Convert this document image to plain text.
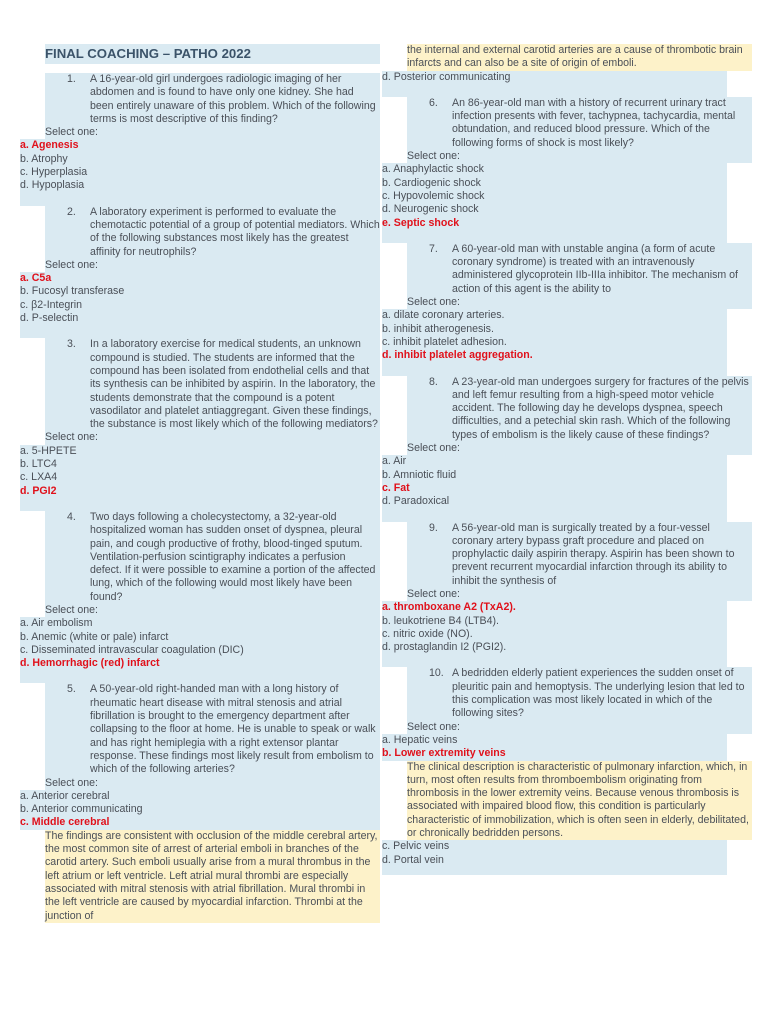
FINAL COACHING – PATHO 2022
1. A 16-year-old girl undergoes radiologic imaging of her abdomen and is found to have only one kidney. She had been entirely unaware of this problem. Which of the following terms is most descriptive of this finding?
Select one:
a. Agenesis
b. Atrophy
c. Hyperplasia
d. Hypoplasia
2. A laboratory experiment is performed to evaluate the chemotactic potential of a group of potential mediators. Which of the following substances most likely has the greatest affinity for neutrophils?
Select one:
a. C5a
b. Fucosyl transferase
c. β2-Integrin
d. P-selectin
3. In a laboratory exercise for medical students, an unknown compound is studied. The students are informed that the compound has been isolated from endothelial cells and that its synthesis can be inhibited by aspirin. In the laboratory, the students demonstrate that the compound is a potent vasodilator and platelet antiaggregant. Given these findings, the substance is most likely which of the following mediators?
Select one:
a. 5-HPETE
b. LTC4
c. LXA4
d. PGI2
4. Two days following a cholecystectomy, a 32-year-old hospitalized woman has sudden onset of dyspnea, pleural pain, and cough productive of frothy, blood-tinged sputum. Ventilation-perfusion scintigraphy indicates a perfusion defect. If it were possible to examine a portion of the affected lung, which of the following would most likely have been found?
Select one:
a. Air embolism
b. Anemic (white or pale) infarct
c. Disseminated intravascular coagulation (DIC)
d. Hemorrhagic (red) infarct
5. A 50-year-old right-handed man with a long history of rheumatic heart disease with mitral stenosis and atrial fibrillation is brought to the emergency department after collapsing to the floor at home. He is unable to speak or walk and has right hemiplegia with a right extensor plantar response. These findings most likely result from embolism to which of the following arteries?
Select one:
a. Anterior cerebral
b. Anterior communicating
c. Middle cerebral
The findings are consistent with occlusion of the middle cerebral artery, the most common site of arrest of arterial emboli in branches of the carotid artery. Such emboli usually arise from a mural thrombus in the left atrium or left ventricle. Left atrial mural thrombi are especially associated with mitral stenosis with atrial fibrillation. Mural thrombi in the left ventricle are caused by myocardial infarction. Thrombi at the junction of
the internal and external carotid arteries are a cause of thrombotic brain infarcts and can also be a site of origin of emboli.
d. Posterior communicating
6. An 86-year-old man with a history of recurrent urinary tract infection presents with fever, tachypnea, tachycardia, mental obtundation, and reduced blood pressure. Which of the following forms of shock is most likely?
Select one:
a. Anaphylactic shock
b. Cardiogenic shock
c. Hypovolemic shock
d. Neurogenic shock
e. Septic shock
7. A 60-year-old man with unstable angina (a form of acute coronary syndrome) is treated with an intravenously administered glycoprotein IIb-IIIa inhibitor. The mechanism of action of this agent is the ability to
Select one:
a. dilate coronary arteries.
b. inhibit atherogenesis.
c. inhibit platelet adhesion.
d. inhibit platelet aggregation.
8. A 23-year-old man undergoes surgery for fractures of the pelvis and left femur resulting from a high-speed motor vehicle accident. The following day he develops dyspnea, speech difficulties, and a petechial skin rash. Which of the following types of embolism is the likely cause of these findings?
Select one:
a. Air
b. Amniotic fluid
c. Fat
d. Paradoxical
9. A 56-year-old man is surgically treated by a four-vessel coronary artery bypass graft procedure and placed on prophylactic daily aspirin therapy. Aspirin has been shown to prevent recurrent myocardial infarction through its ability to inhibit the synthesis of
Select one:
a. thromboxane A2 (TxA2).
b. leukotriene B4 (LTB4).
c. nitric oxide (NO).
d. prostaglandin I2 (PGI2).
10. A bedridden elderly patient experiences the sudden onset of pleuritic pain and hemoptysis. The underlying lesion that led to this complication was most likely located in which of the following sites?
Select one:
a. Hepatic veins
b. Lower extremity veins
The clinical description is characteristic of pulmonary infarction, which, in turn, most often results from thromboembolism originating from thrombosis in the lower extremity veins. Because venous thrombosis is associated with impaired blood flow, this condition is particularly characteristic of immobilization, which is often seen in elderly, debilitated, or chronically bedridden persons.
c. Pelvic veins
d. Portal vein
